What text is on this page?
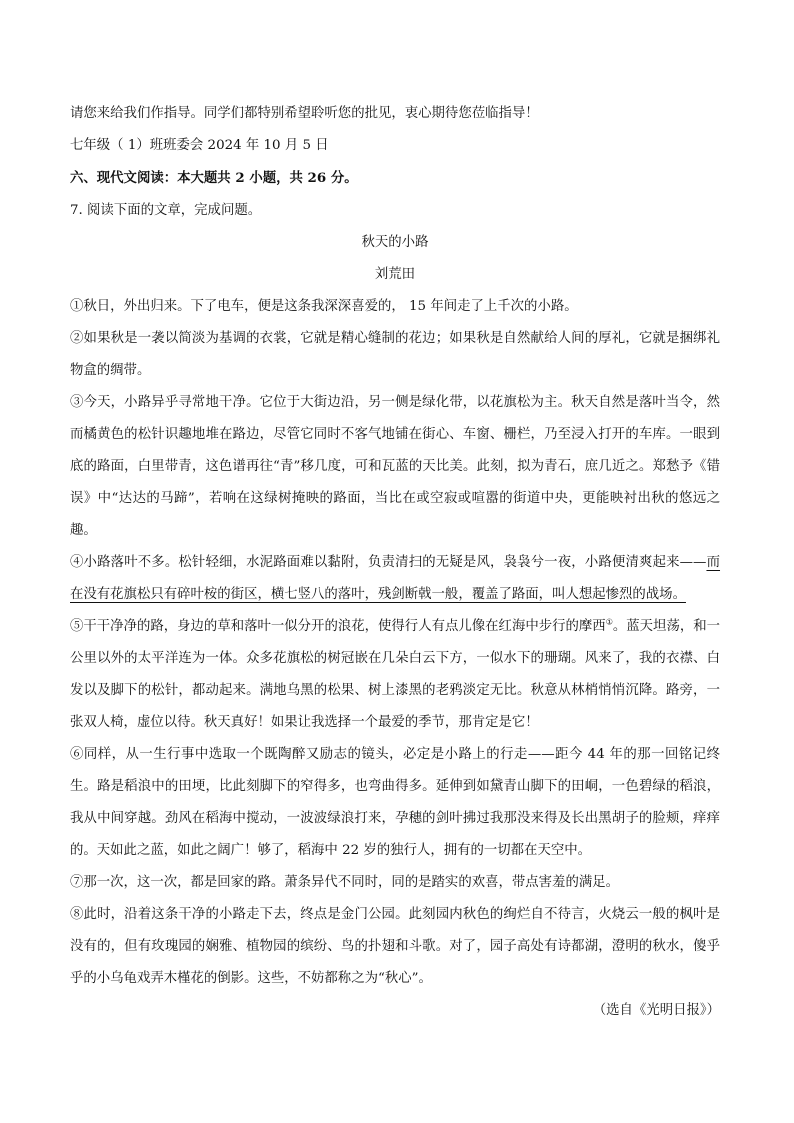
请您来给我们作指导。同学们都特别希望聆听您的批见，衷心期待您莅临指导！

七年级（ 1）班班委会 2024 年 10 月 5 日

六、现代文阅读：本大题共 2 小题，共 26 分。

7. 阅读下面的文章，完成问题。

秋天的小路

刘荒田

①秋日，外出归来。下了电车，便是这条我深深喜爱的， 15 年间走了上千次的小路。

②如果秋是一袭以简淡为基调的衣裳，它就是精心缝制的花边；如果秋是自然献给人间的厚礼，它就是捆绑礼物盒的绸带。

③今天，小路异乎寻常地干净。它位于大街边沿，另一侧是绿化带，以花旗松为主。秋天自然是落叶当令，然而橘黄色的松针识趣地堆在路边，尽管它同时不客气地铺在街心、车窗、栅栏，乃至浸入打开的车库。一眼到底的路面，白里带青，这色谱再往“青”移几度，可和瓦蓝的天比美。此刻，拟为青石，庶几近之。郑愁予《错误》中“达达的马蹄”，若响在这绿树掩映的路面，当比在或空寂或喧嚣的街道中央，更能映衬出秋的悠远之趣。

④小路落叶不多。松针轻细，水泥路面难以黏附，负责清扫的无疑是风，袅袅兮一夜，小路便清爽起来——而在没有花旗松只有碎叶桉的街区，横七竖八的落叶，残剑断戟一般，覆盖了路面，叫人想起惨烈的战场。

⑤干干净净的路，身边的草和落叶一似分开的浪花，使得行人有点儿像在红海中步行的摩西①。蓝天坦荡，和一公里以外的太平洋连为一体。众多花旗松的树冠嵌在几朵白云下方，一似水下的珊瑚。风来了，我的衣襟、白发以及脚下的松针，都动起来。满地乌黑的松果、树上漆黑的老鸦淡定无比。秋意从林梢悄悄沉降。路旁，一张双人椅，虚位以待。秋天真好！如果让我选择一个最爱的季节，那肯定是它！

⑥同样，从一生行事中选取一个既陶醉又励志的镜头，必定是小路上的行走——距今 44 年的那一回铭记终生。路是稻浪中的田埂，比此刻脚下的窄得多，也弯曲得多。延伸到如黛青山脚下的田峒，一色碧绿的稻浪，我从中间穿越。劲风在稻海中搅动，一波波绿浪打来，孕穗的剑叶拂过我那没来得及长出黑胡子的脸颊，痒痒的。天如此之蓝，如此之阔广！够了，稻海中 22 岁的独行人，拥有的一切都在天空中。

⑦那一次，这一次，都是回家的路。萧条异代不同时，同的是踏实的欢喜，带点害羞的满足。

⑧此时，沿着这条干净的小路走下去，终点是金门公园。此刻园内秋色的绚烂自不待言，火烧云一般的枫叶是没有的，但有玫瑰园的娴雅、植物园的缤纷、鸟的扑翅和斗歌。对了，园子高处有诗都湖，澄明的秋水，傻乎乎的小乌龟戏弄木槿花的倒影。这些，不妨都称之为“秋心”。

（选自《光明日报》）
